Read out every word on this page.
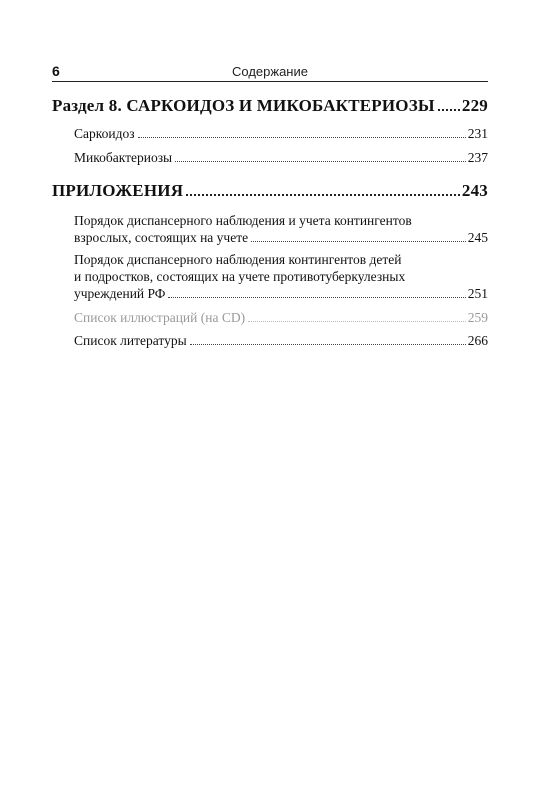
6	Содержание
Раздел 8. САРКОИДОЗ И МИКОБАКТЕРИОЗЫ 229
Саркоидоз	231
Микобактериозы	237
ПРИЛОЖЕНИЯ	243
Порядок диспансерного наблюдения и учета контингентов
взрослых, состоящих на учете	245
Порядок диспансерного наблюдения контингентов детей
и подростков, состоящих на учете противотуберкулезных
учреждений РФ	251
Список иллюстраций (на CD)	259
Список литературы	266
